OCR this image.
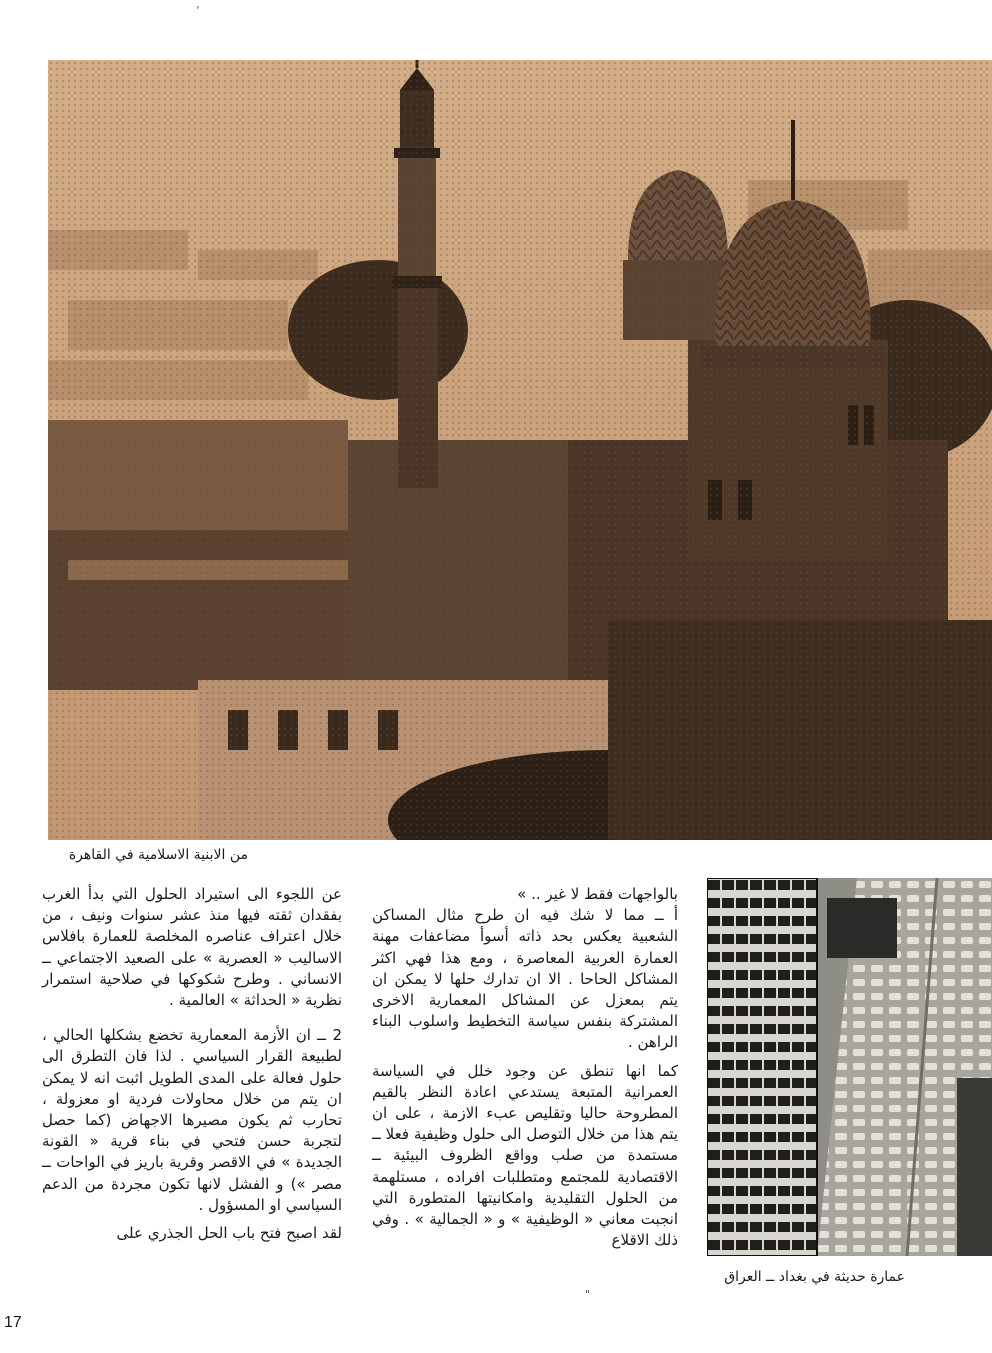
’
من الابنية الاسلامية في القاهرة
عمارة حديثة في بغداد ــ العراق

بالواجهات فقط لا غير .. »

أ ــ مما لا شك فيه ان طرح مثال المساكن الشعبية يعكس بحد ذاته أسوأ مضاعفات مهنة العمارة العربية المعاصرة ، ومع هذا فهي اكثر المشاكل الحاحا . الا ان تدارك حلها لا يمكن ان يتم بمعزل عن المشاكل المعمارية الاخرى المشتركة بنفس سياسة التخطيط واسلوب البناء الراهن .

كما انها تنطق عن وجود خلل في السياسة العمرانية المتبعة يستدعي اعادة النظر بالقيم المطروحة حاليا وتقليص عبء الازمة ، على ان يتم هذا من خلال التوصل الى حلول وظيفية فعلا ــ مستمدة من صلب وواقع الظروف البيئية ــ الاقتصادية للمجتمع ومتطلبات افراده ، مستلهمة من الحلول التقليدية وامكانيتها المتطورة التي انجبت معاني « الوظيفية » و « الجمالية » . وفي ذلك الاقلاع

عن اللجوء الى استيراد الحلول التي بدأ الغرب بفقدان ثقته فيها منذ عشر سنوات ونيف ، من خلال اعتراف عناصره المخلصة للعمارة بافلاس الاساليب « العصرية » على الصعيد الاجتماعي ــ الانساني . وطرح شكوكها في صلاحية استمرار نظرية « الحداثة » العالمية .

2 ــ ان الأزمة المعمارية تخضع بشكلها الحالي ، لطبيعة القرار السياسي . لذا فان التطرق الى حلول فعالة على المدى الطويل اثبت انه لا يمكن ان يتم من خلال محاولات فردية او معزولة ، تحارب ثم يكون مصيرها الاجهاض (كما حصل لتجربة حسن فتحي في بناء قرية « القونة الجديدة » في الاقصر وقرية باريز في الواحات ــ مصر ») و الفشل لانها تكون مجردة من الدعم السياسي او المسؤول .

لقد اصبح فتح باب الحل الجذري على

"
17
